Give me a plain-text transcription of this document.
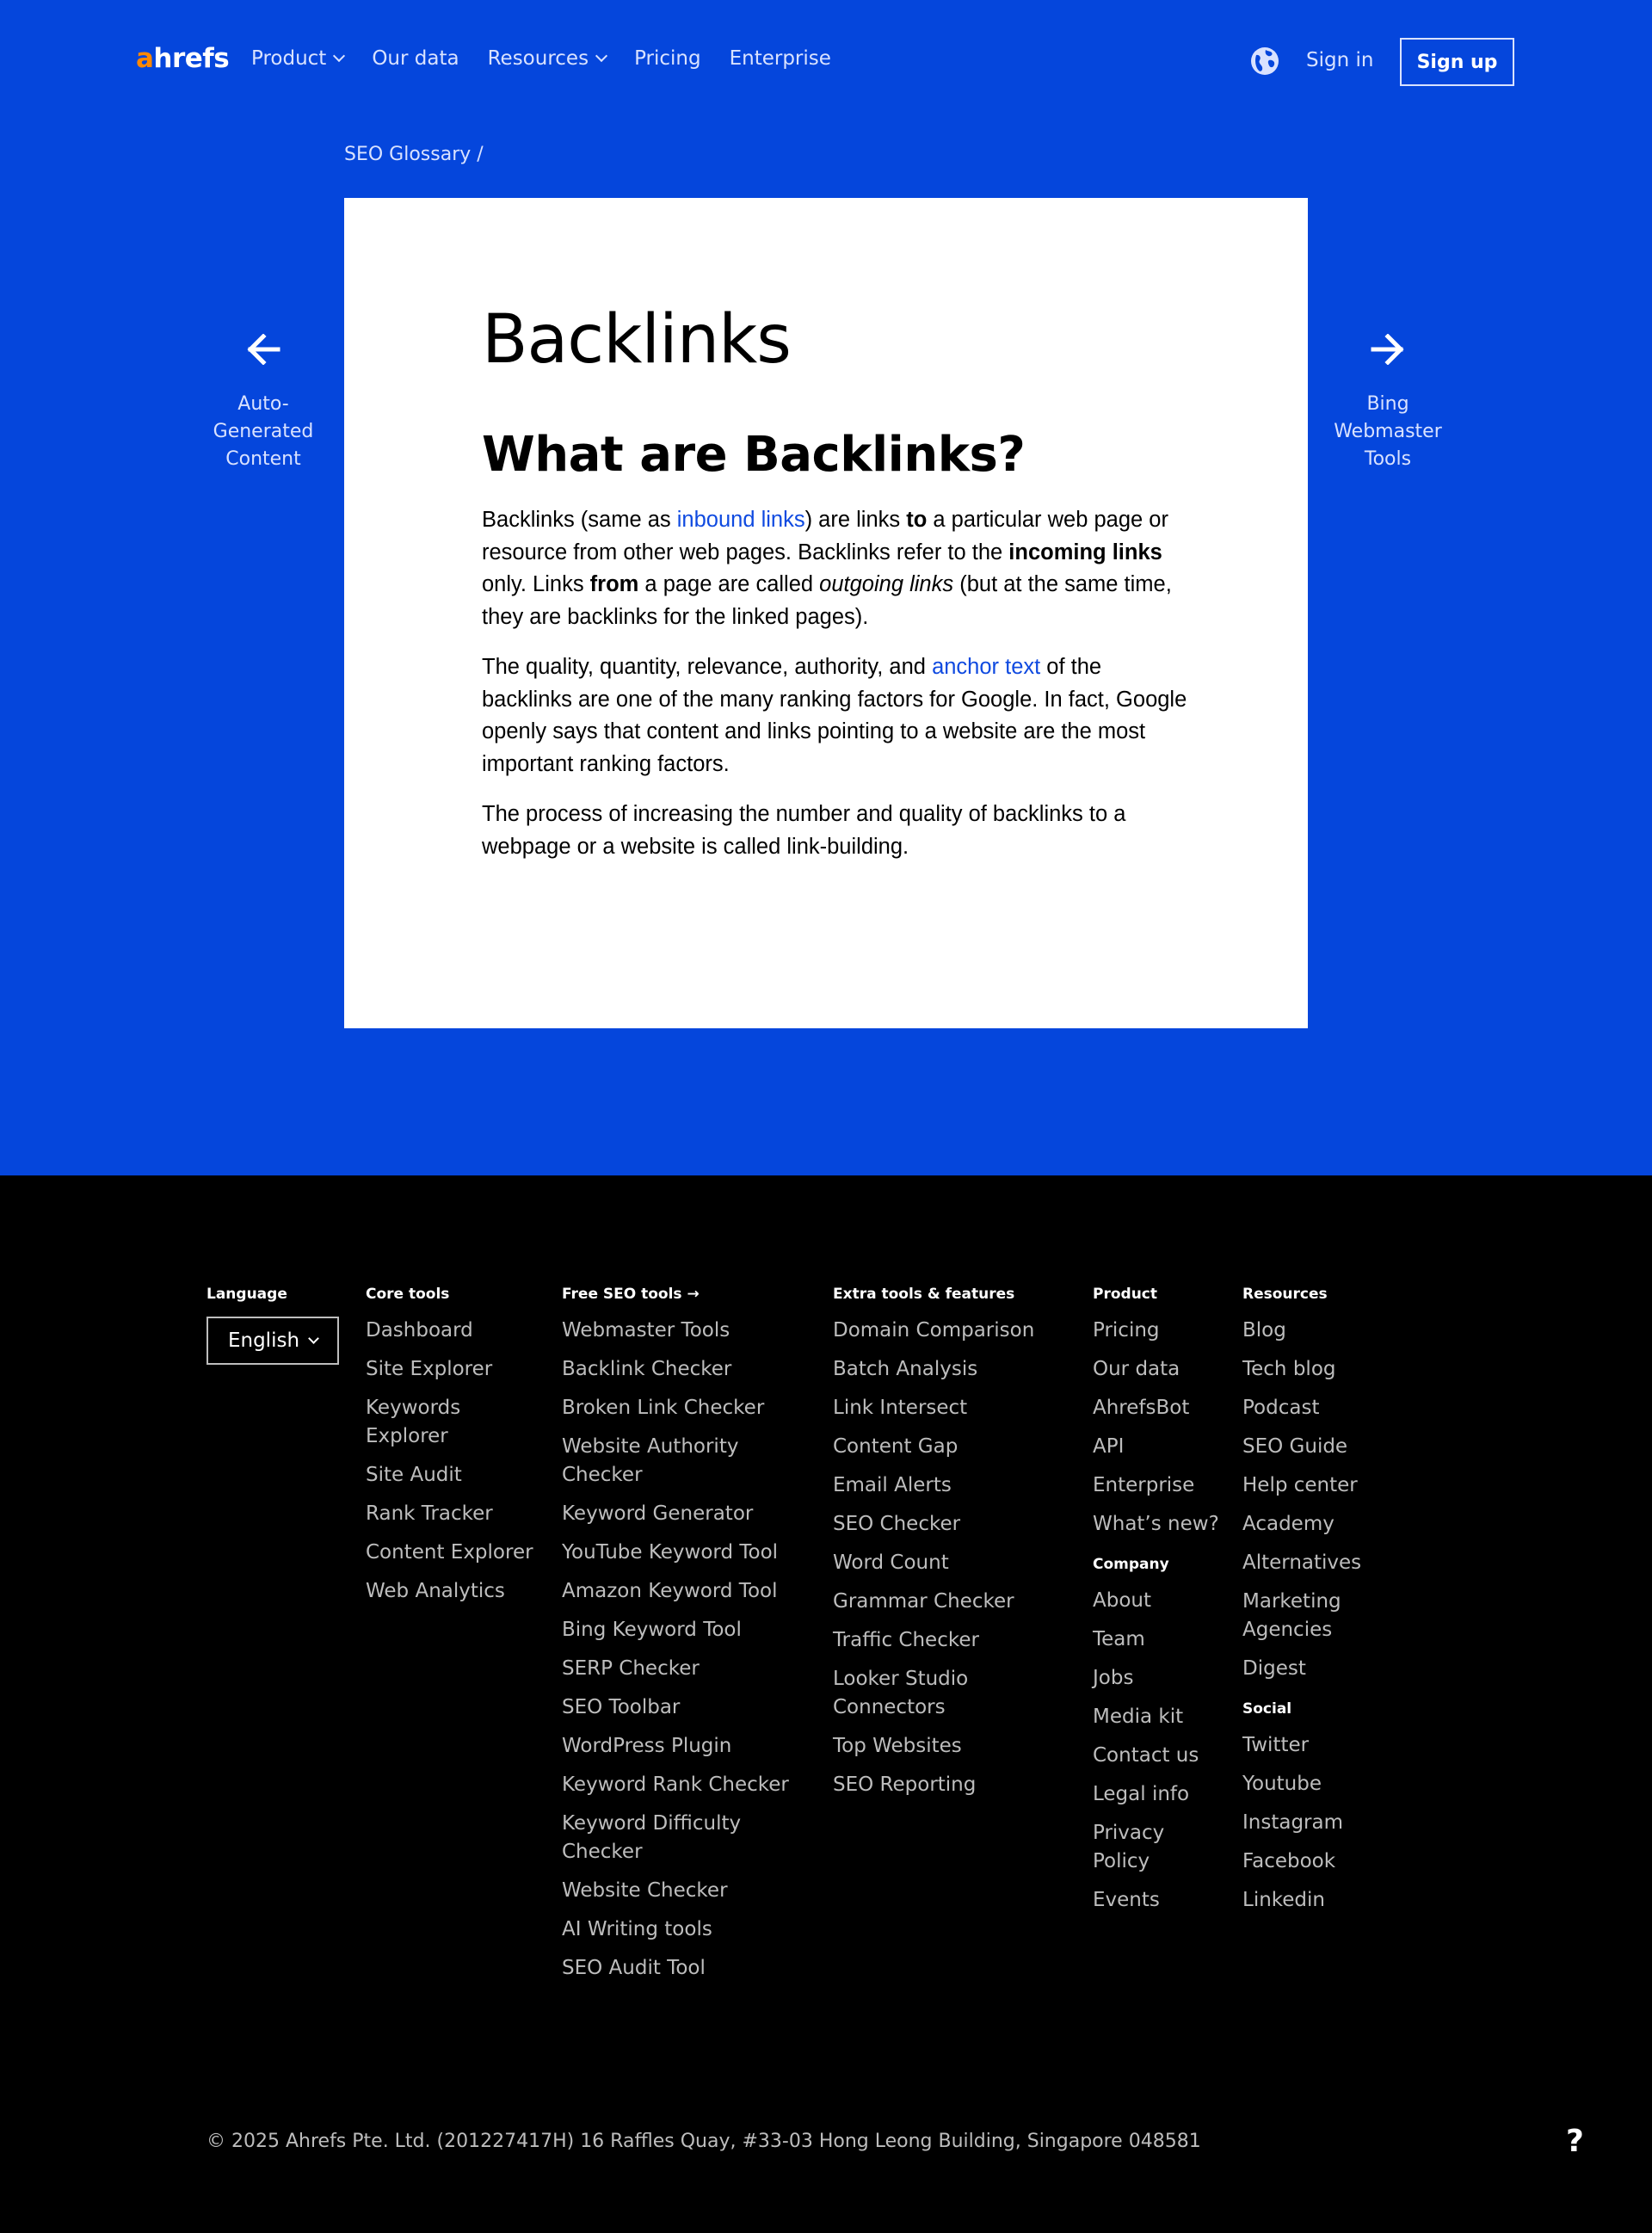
ahrefs Product Our data Resources Pricing Enterprise	Sign in	Sign up
SEO Glossary /
Auto-Generated Content
Backlinks
What are Backlinks?

Backlinks (same as inbound links) are links to a particular web page or resource from other web pages. Backlinks refer to the incoming links only. Links from a page are called outgoing links (but at the same time, they are backlinks for the linked pages).

The quality, quantity, relevance, authority, and anchor text of the backlinks are one of the many ranking factors for Google. In fact, Google openly says that content and links pointing to a website are the most important ranking factors.

The process of increasing the number and quality of backlinks to a webpage or a website is called link-building.

Bing Webmaster Tools
Language
English
Core tools
Dashboard
Site Explorer
Keywords Explorer
Site Audit
Rank Tracker
Content Explorer
Web Analytics
Free SEO tools →
Webmaster Tools
Backlink Checker
Broken Link Checker
Website Authority Checker
Keyword Generator
YouTube Keyword Tool
Amazon Keyword Tool
Bing Keyword Tool
SERP Checker
SEO Toolbar
WordPress Plugin
Keyword Rank Checker
Keyword Difficulty Checker
Website Checker
AI Writing tools
SEO Audit Tool
Extra tools & features
Domain Comparison
Batch Analysis
Link Intersect
Content Gap
Email Alerts
SEO Checker
Word Count
Grammar Checker
Traffic Checker
Looker Studio Connectors
Top Websites
SEO Reporting
Product
Pricing
Our data
AhrefsBot
API
Enterprise
What’s new?
Company
About
Team
Jobs
Media kit
Contact us
Legal info
Privacy Policy
Events
Resources
Blog
Tech blog
Podcast
SEO Guide
Help center
Academy
Alternatives
Marketing Agencies
Digest
Social
Twitter
Youtube
Instagram
Facebook
Linkedin
© 2025 Ahrefs Pte. Ltd. (201227417H) 16 Raffles Quay, #33-03 Hong Leong Building, Singapore 048581	?
